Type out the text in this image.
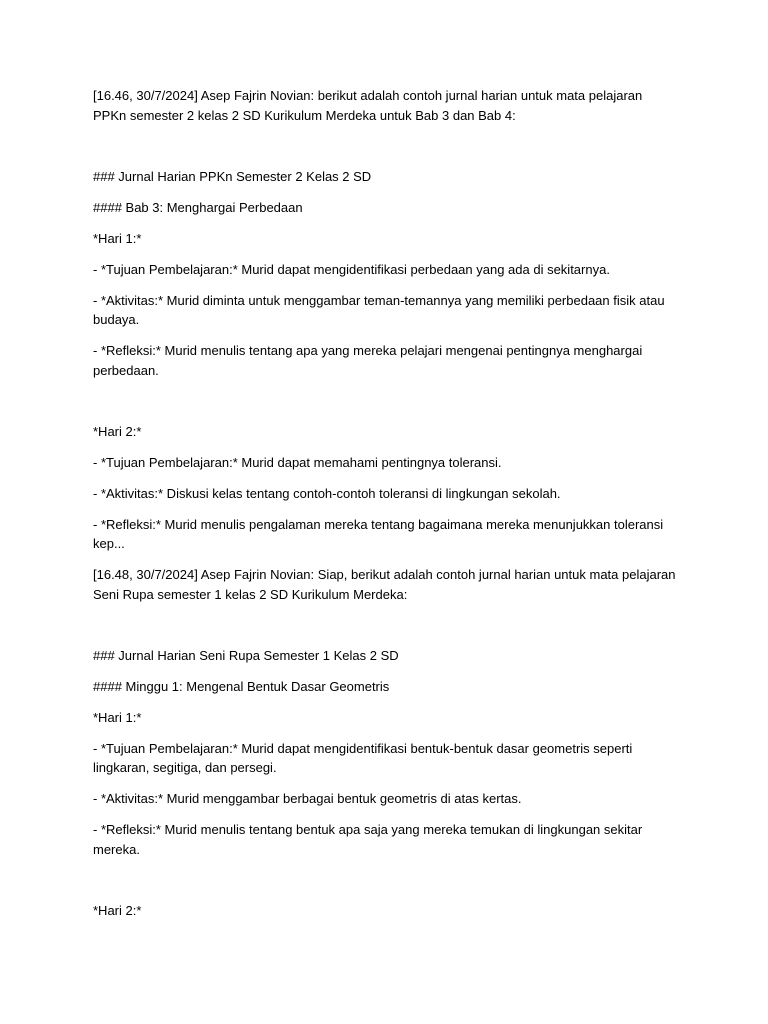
[16.46, 30/7/2024] Asep Fajrin Novian: berikut adalah contoh jurnal harian untuk mata pelajaran PPKn semester 2 kelas 2 SD Kurikulum Merdeka untuk Bab 3 dan Bab 4:
### Jurnal Harian PPKn Semester 2 Kelas 2 SD
#### Bab 3: Menghargai Perbedaan
*Hari 1:*
- *Tujuan Pembelajaran:* Murid dapat mengidentifikasi perbedaan yang ada di sekitarnya.
- *Aktivitas:* Murid diminta untuk menggambar teman-temannya yang memiliki perbedaan fisik atau budaya.
- *Refleksi:* Murid menulis tentang apa yang mereka pelajari mengenai pentingnya menghargai perbedaan.
*Hari 2:*
- *Tujuan Pembelajaran:* Murid dapat memahami pentingnya toleransi.
- *Aktivitas:* Diskusi kelas tentang contoh-contoh toleransi di lingkungan sekolah.
- *Refleksi:* Murid menulis pengalaman mereka tentang bagaimana mereka menunjukkan toleransi kep...
[16.48, 30/7/2024] Asep Fajrin Novian: Siap, berikut adalah contoh jurnal harian untuk mata pelajaran Seni Rupa semester 1 kelas 2 SD Kurikulum Merdeka:
### Jurnal Harian Seni Rupa Semester 1 Kelas 2 SD
#### Minggu 1: Mengenal Bentuk Dasar Geometris
*Hari 1:*
- *Tujuan Pembelajaran:* Murid dapat mengidentifikasi bentuk-bentuk dasar geometris seperti lingkaran, segitiga, dan persegi.
- *Aktivitas:* Murid menggambar berbagai bentuk geometris di atas kertas.
- *Refleksi:* Murid menulis tentang bentuk apa saja yang mereka temukan di lingkungan sekitar mereka.
*Hari 2:*
